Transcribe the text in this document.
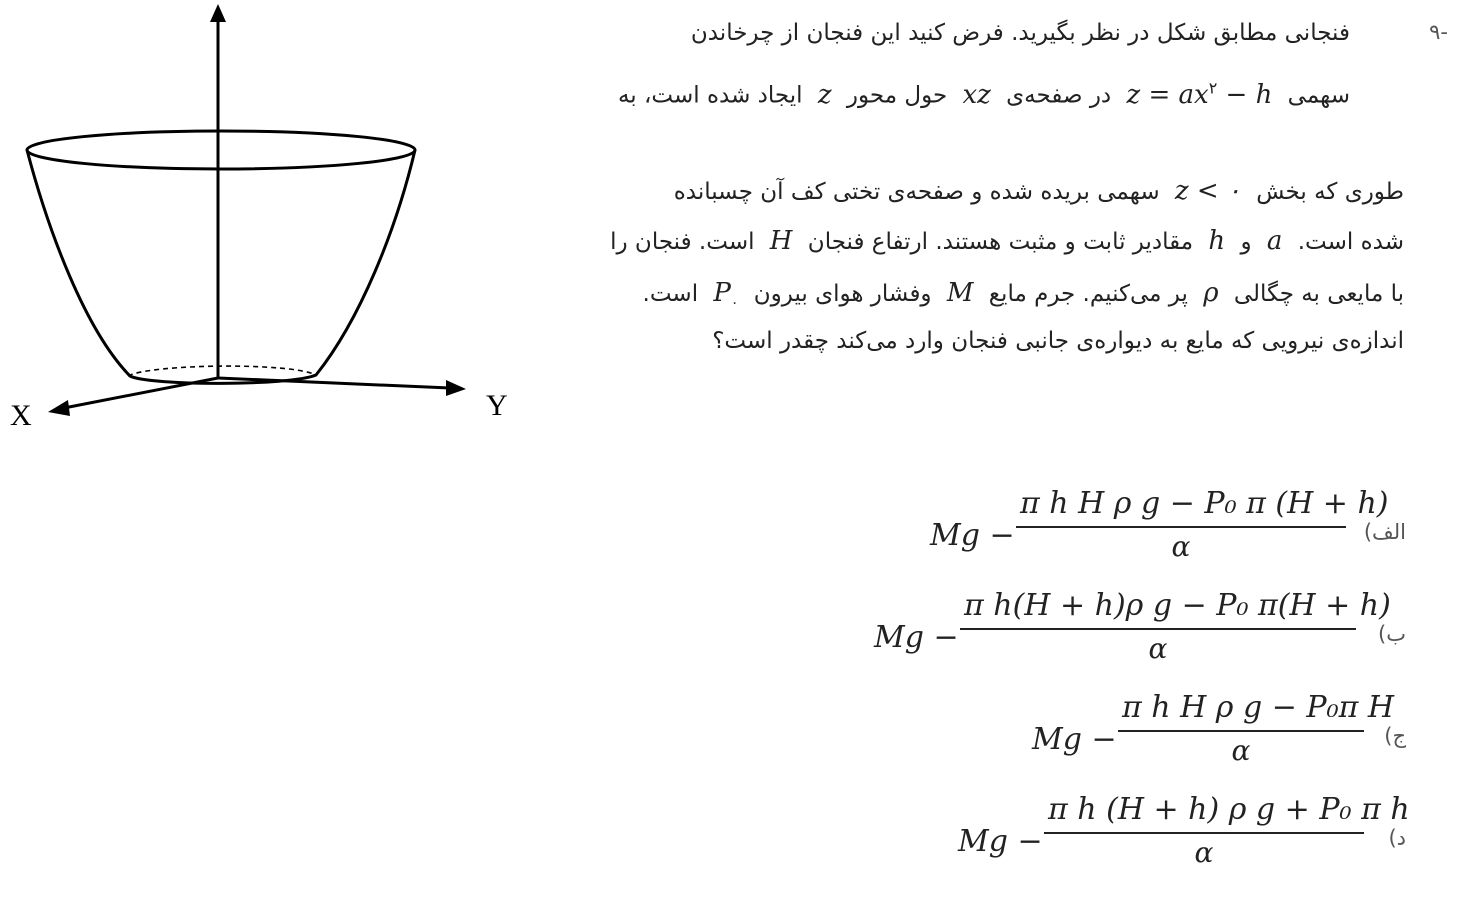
X	Y
-۹
فنجانی مطابق شکل در نظر بگیرید. فرض کنید این فنجان از چرخاندن
سهمی $z = ax^۲ - h$ در صفحه‌ی xz حول محور z ایجاد شده است، به
طوری که بخش z < ۰ سهمی بریده شده و صفحه‌ی تختی کف آن چسبانده
شده است. a و h مقادیر ثابت و مثبت هستند. ارتفاع فنجان H است. فنجان را
با مایعی به چگالی ρ پر می‌کنیم. جرم مایع M وفشار هوای بیرون $P_۰$ است.
اندازه‌ی نیرویی که مایع به دیواره‌ی جانبی فنجان وارد می‌کند چقدر است؟
الف)
ب)
ج)
د)
Mg −
π h H ρ g − P₀ π (H + h)
α
Mg −
π h(H + h)ρ g − P₀ π(H + h)
α
Mg −
π h H ρ g − P₀π H
α
Mg −
π h (H + h) ρ g + P₀ π h
α
